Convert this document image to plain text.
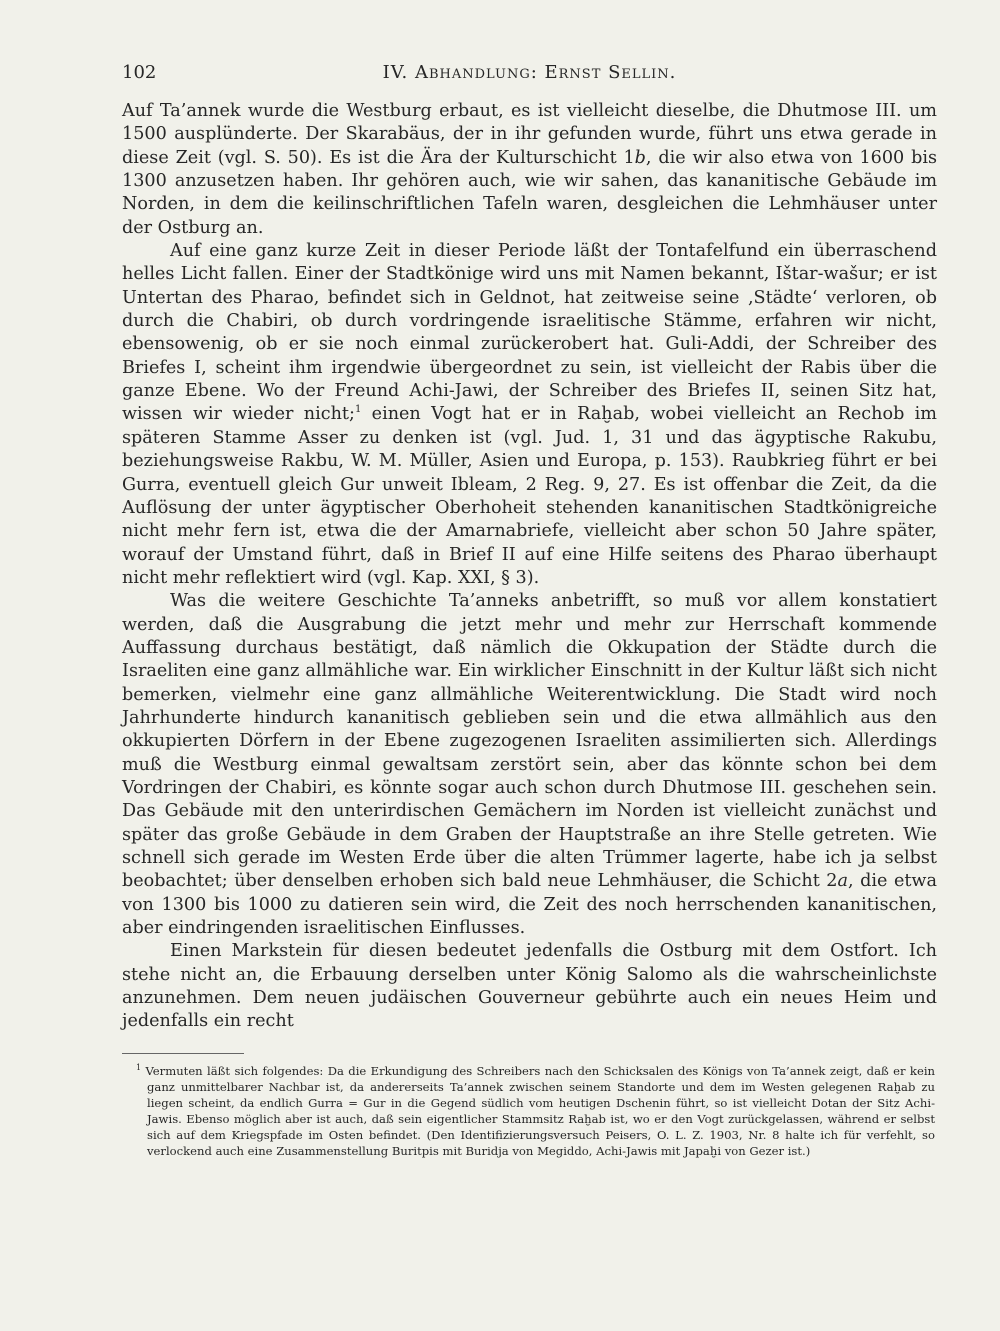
102	IV. Abhandlung: Ernst Sellin.

Auf Ta’annek wurde die Westburg erbaut, es ist vielleicht dieselbe, die Dhutmose III. um 1500 ausplünderte. Der Skarabäus, der in ihr gefunden wurde, führt uns etwa gerade in diese Zeit (vgl. S. 50). Es ist die Ära der Kulturschicht 1b, die wir also etwa von 1600 bis 1300 anzusetzen haben. Ihr gehören auch, wie wir sahen, das kananitische Gebäude im Norden, in dem die keilinschriftlichen Tafeln waren, desgleichen die Lehmhäuser unter der Ostburg an.

Auf eine ganz kurze Zeit in dieser Periode läßt der Tontafelfund ein überraschend helles Licht fallen. Einer der Stadtkönige wird uns mit Namen bekannt, Ištar-wašur; er ist Untertan des Pharao, befindet sich in Geldnot, hat zeitweise seine ‚Städte‘ verloren, ob durch die Chabiri, ob durch vordringende israelitische Stämme, erfahren wir nicht, ebensowenig, ob er sie noch einmal zurückerobert hat. Guli-Addi, der Schreiber des Briefes I, scheint ihm irgendwie übergeordnet zu sein, ist vielleicht der Rabis über die ganze Ebene. Wo der Freund Achi-Jawi, der Schreiber des Briefes II, seinen Sitz hat, wissen wir wieder nicht;$^1$ einen Vogt hat er in Raḫab, wobei vielleicht an Rechob im späteren Stamme Asser zu denken ist (vgl. Jud. 1, 31 und das ägyptische Rakubu, beziehungsweise Rakbu, W. M. Müller, Asien und Europa, p. 153). Raubkrieg führt er bei Gurra, eventuell gleich Gur unweit Ibleam, 2 Reg. 9, 27. Es ist offenbar die Zeit, da die Auflösung der unter ägyptischer Oberhoheit stehenden kananitischen Stadtkönigreiche nicht mehr fern ist, etwa die der Amarnabriefe, vielleicht aber schon 50 Jahre später, worauf der Umstand führt, daß in Brief II auf eine Hilfe seitens des Pharao überhaupt nicht mehr reflektiert wird (vgl. Kap. XXI, § 3).

Was die weitere Geschichte Ta’anneks anbetrifft, so muß vor allem konstatiert werden, daß die Ausgrabung die jetzt mehr und mehr zur Herrschaft kommende Auffassung durchaus bestätigt, daß nämlich die Okkupation der Städte durch die Israeliten eine ganz allmähliche war. Ein wirklicher Einschnitt in der Kultur läßt sich nicht bemerken, vielmehr eine ganz allmähliche Weiterentwicklung. Die Stadt wird noch Jahrhunderte hindurch kananitisch geblieben sein und die etwa allmählich aus den okkupierten Dörfern in der Ebene zugezogenen Israeliten assimilierten sich. Allerdings muß die Westburg einmal gewaltsam zerstört sein, aber das könnte schon bei dem Vordringen der Chabiri, es könnte sogar auch schon durch Dhutmose III. geschehen sein. Das Gebäude mit den unterirdischen Gemächern im Norden ist vielleicht zunächst und später das große Gebäude in dem Graben der Hauptstraße an ihre Stelle getreten. Wie schnell sich gerade im Westen Erde über die alten Trümmer lagerte, habe ich ja selbst beobachtet; über denselben erhoben sich bald neue Lehmhäuser, die Schicht 2a, die etwa von 1300 bis 1000 zu datieren sein wird, die Zeit des noch herrschenden kananitischen, aber eindringenden israelitischen Einflusses.

Einen Markstein für diesen bedeutet jedenfalls die Ostburg mit dem Ostfort. Ich stehe nicht an, die Erbauung derselben unter König Salomo als die wahrscheinlichste anzunehmen. Dem neuen judäischen Gouverneur gebührte auch ein neues Heim und jedenfalls ein recht

$^1$ Vermuten läßt sich folgendes: Da die Erkundigung des Schreibers nach den Schicksalen des Königs von Ta’annek zeigt, daß er kein ganz unmittelbarer Nachbar ist, da andererseits Ta’annek zwischen seinem Standorte und dem im Westen gelegenen Raḫab zu liegen scheint, da endlich Gurra = Gur in die Gegend südlich vom heutigen Dschenin führt, so ist vielleicht Dotan der Sitz Achi-Jawis. Ebenso möglich aber ist auch, daß sein eigentlicher Stammsitz Raḫab ist, wo er den Vogt zurückgelassen, während er selbst sich auf dem Kriegspfade im Osten befindet. (Den Identifizierungsversuch Peisers, O. L. Z. 1903, Nr. 8 halte ich für verfehlt, so verlockend auch eine Zusammenstellung Buritpis mit Buridja von Megiddo, Achi-Jawis mit Japaḫi von Gezer ist.)
